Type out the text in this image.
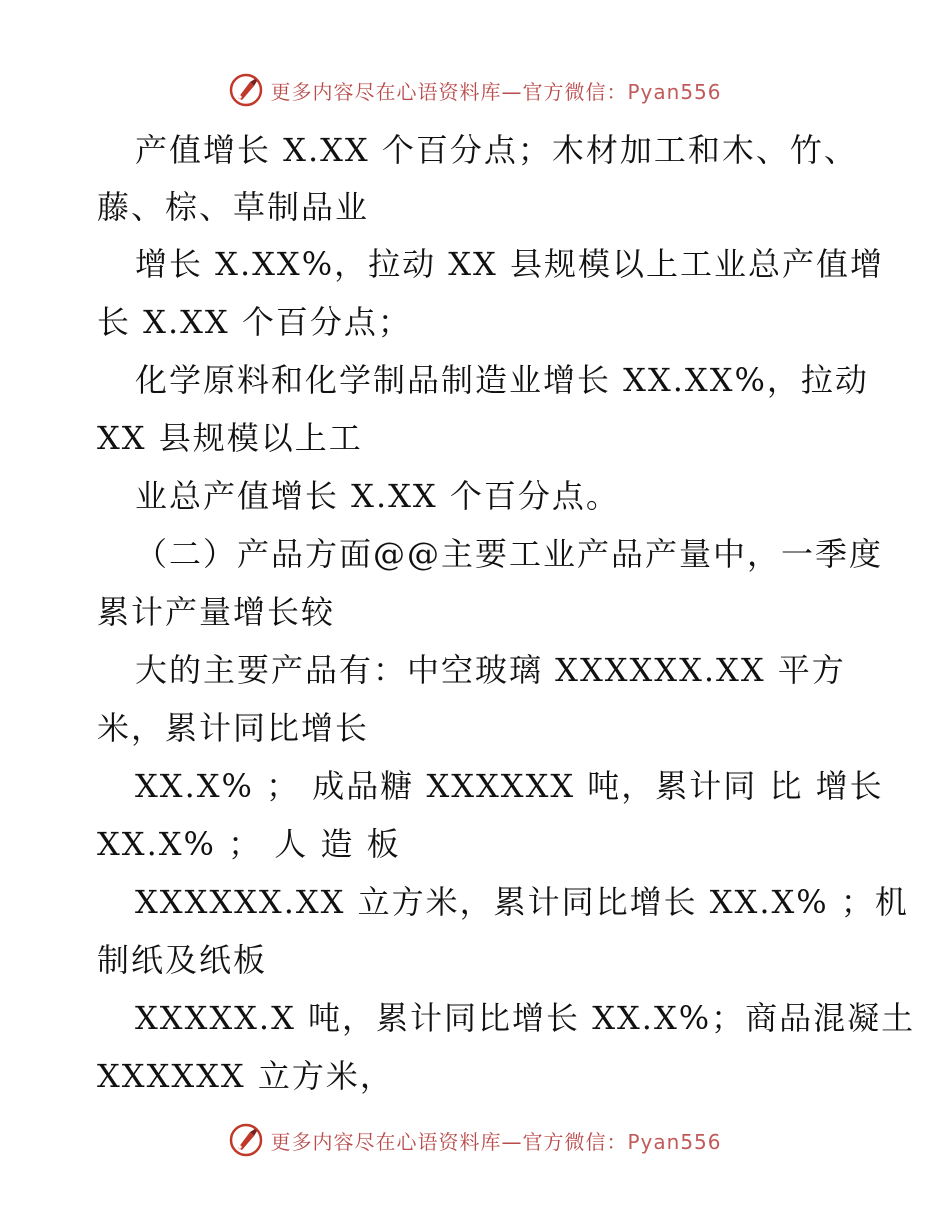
更多内容尽在心语资料库—官方微信：Pyan556
产值增长 X.XX 个百分点；木材加工和木、竹、
藤、棕、草制品业
增长 X.XX%，拉动 XX 县规模以上工业总产值增
长 X.XX 个百分点；
化学原料和化学制品制造业增长 XX.XX%，拉动
XX 县规模以上工
业总产值增长 X.XX 个百分点。
（二）产品方面@@主要工业产品产量中，一季度
累计产量增长较
大的主要产品有：中空玻璃 XXXXXX.XX 平方
米，累计同比增长
XX.X% ； 成品糖 XXXXXX 吨，累计同 比 增长
XX.X% ； 人 造 板
XXXXXX.XX 立方米，累计同比增长 XX.X% ；机
制纸及纸板
XXXXX.X 吨，累计同比增长 XX.X%；商品混凝土
XXXXXX 立方米，
更多内容尽在心语资料库—官方微信：Pyan556
